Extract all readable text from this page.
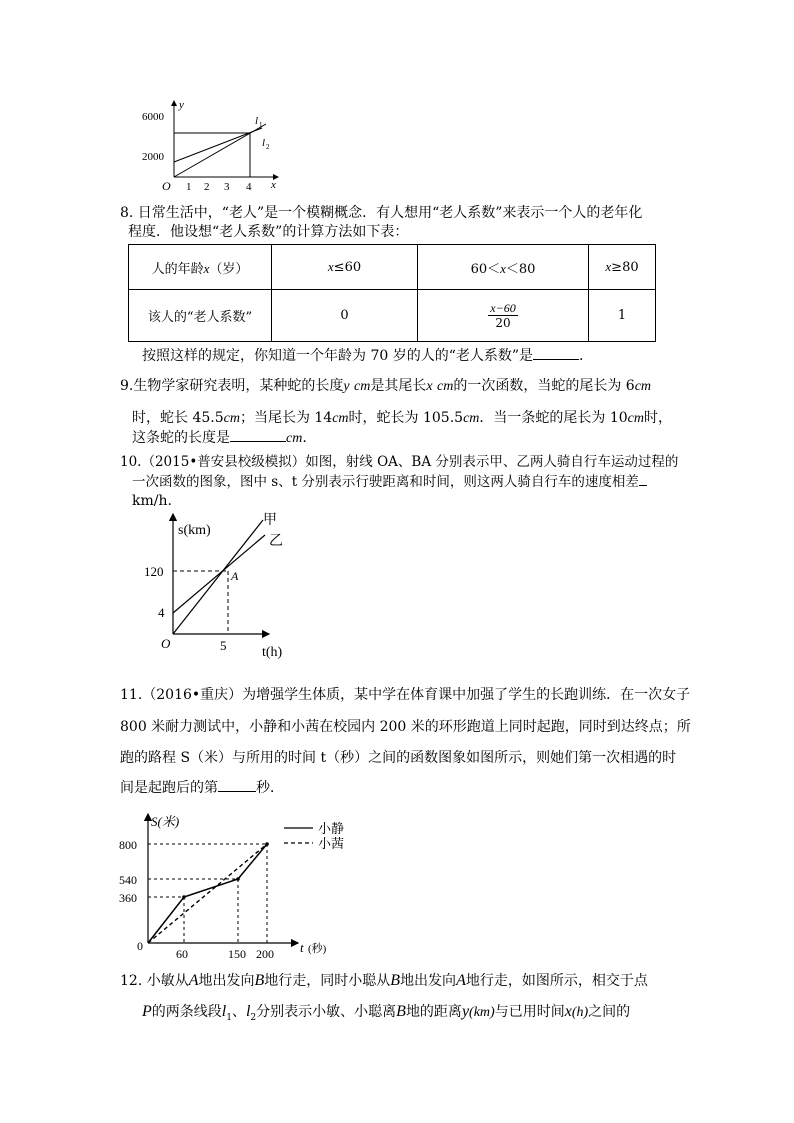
y
6000
2000
O 1 2 3 4 x
l 1
l 2
8. 日常生活中，“老人”是一个模糊概念．有人想用“老人系数”来表示一个人的老年化
程度．他设想“老人系数”的计算方法如下表：
人的年龄x（岁）	x≤60	60＜x＜80	x≥80
该人的“老人系数”	0	$\frac{x-60}{20}$	1
按照这样的规定，你知道一个年龄为 70 岁的人的“老人系数”是	.
9.生物学家研究表明，某种蛇的长度y cm是其尾长x cm的一次函数，当蛇的尾长为 6cm
时，蛇长 45.5cm；当尾长为 14cm时，蛇长为 105.5cm．当一条蛇的尾长为 10cm时，
这条蛇的长度是	cm.
10.（2015•普安县校级模拟）如图，射线 OA、BA 分别表示甲、乙两人骑自行车运动过程的
一次函数的图象，图中 s、t 分别表示行驶距离和时间，则这两人骑自行车的速度相差
km/h.
s(km)
120
4
O	5	t(h)
A
甲
乙
11.（2016•重庆）为增强学生体质，某中学在体育课中加强了学生的长跑训练．在一次女子
800 米耐力测试中，小静和小茜在校园内 200 米的环形跑道上同时起跑，同时到达终点；所
跑的路程 S（米）与所用的时间 t（秒）之间的函数图象如图所示，则她们第一次相遇的时
间是起跑后的第	秒．
S(米)
800
540
360
0
60	150 200 t (秒)
小静
小茜
12. 小敏从A地出发向B地行走，同时小聪从B地出发向A地行走，如图所示，相交于点
P的两条线段$l_1$、$l_2$分别表示小敏、小聪离B地的距离y(km)与已用时间x(h)之间的
